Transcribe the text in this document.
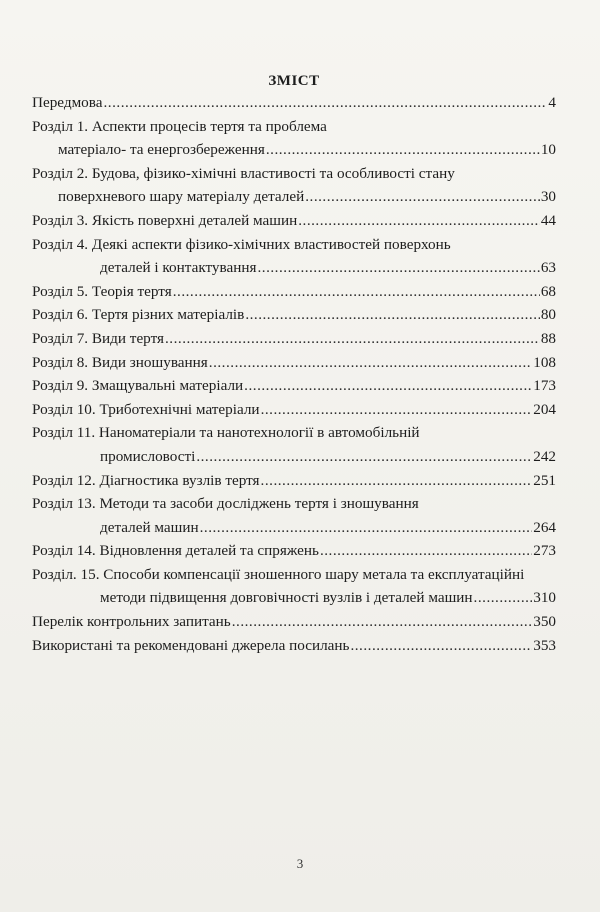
ЗМІСТ
Передмова .....	4
Розділ 1. Аспекти процесів тертя та проблема
матеріало- та енергозбереження .....	10
Розділ 2. Будова, фізико-хімічні властивості та особливості стану
поверхневого шару матеріалу деталей .....	30
Розділ 3. Якість поверхні деталей машин .....	44
Розділ 4. Деякі аспекти фізико-хімічних властивостей поверхонь
деталей і контактування .....	63
Розділ 5. Теорія тертя .....	68
Розділ 6. Тертя різних матеріалів .....	80
Розділ 7. Види тертя .....	88
Розділ 8. Види зношування .....	108
Розділ 9. Змащувальні матеріали .....	173
Розділ 10. Триботехнічні матеріали .....	204
Розділ 11. Наноматеріали та нанотехнології в автомобільній
промисловості .....	242
Розділ 12. Діагностика вузлів тертя .....	251
Розділ 13. Методи та засоби досліджень тертя і зношування
деталей машин .....	264
Розділ 14. Відновлення деталей та спряжень .....	273
Розділ. 15. Способи компенсації зношенного шару метала та експлуатаційні
методи підвищення довговічності вузлів і деталей машин .....	310
Перелік контрольних запитань .....	350
Використані та рекомендовані джерела посилань .....	353
3
